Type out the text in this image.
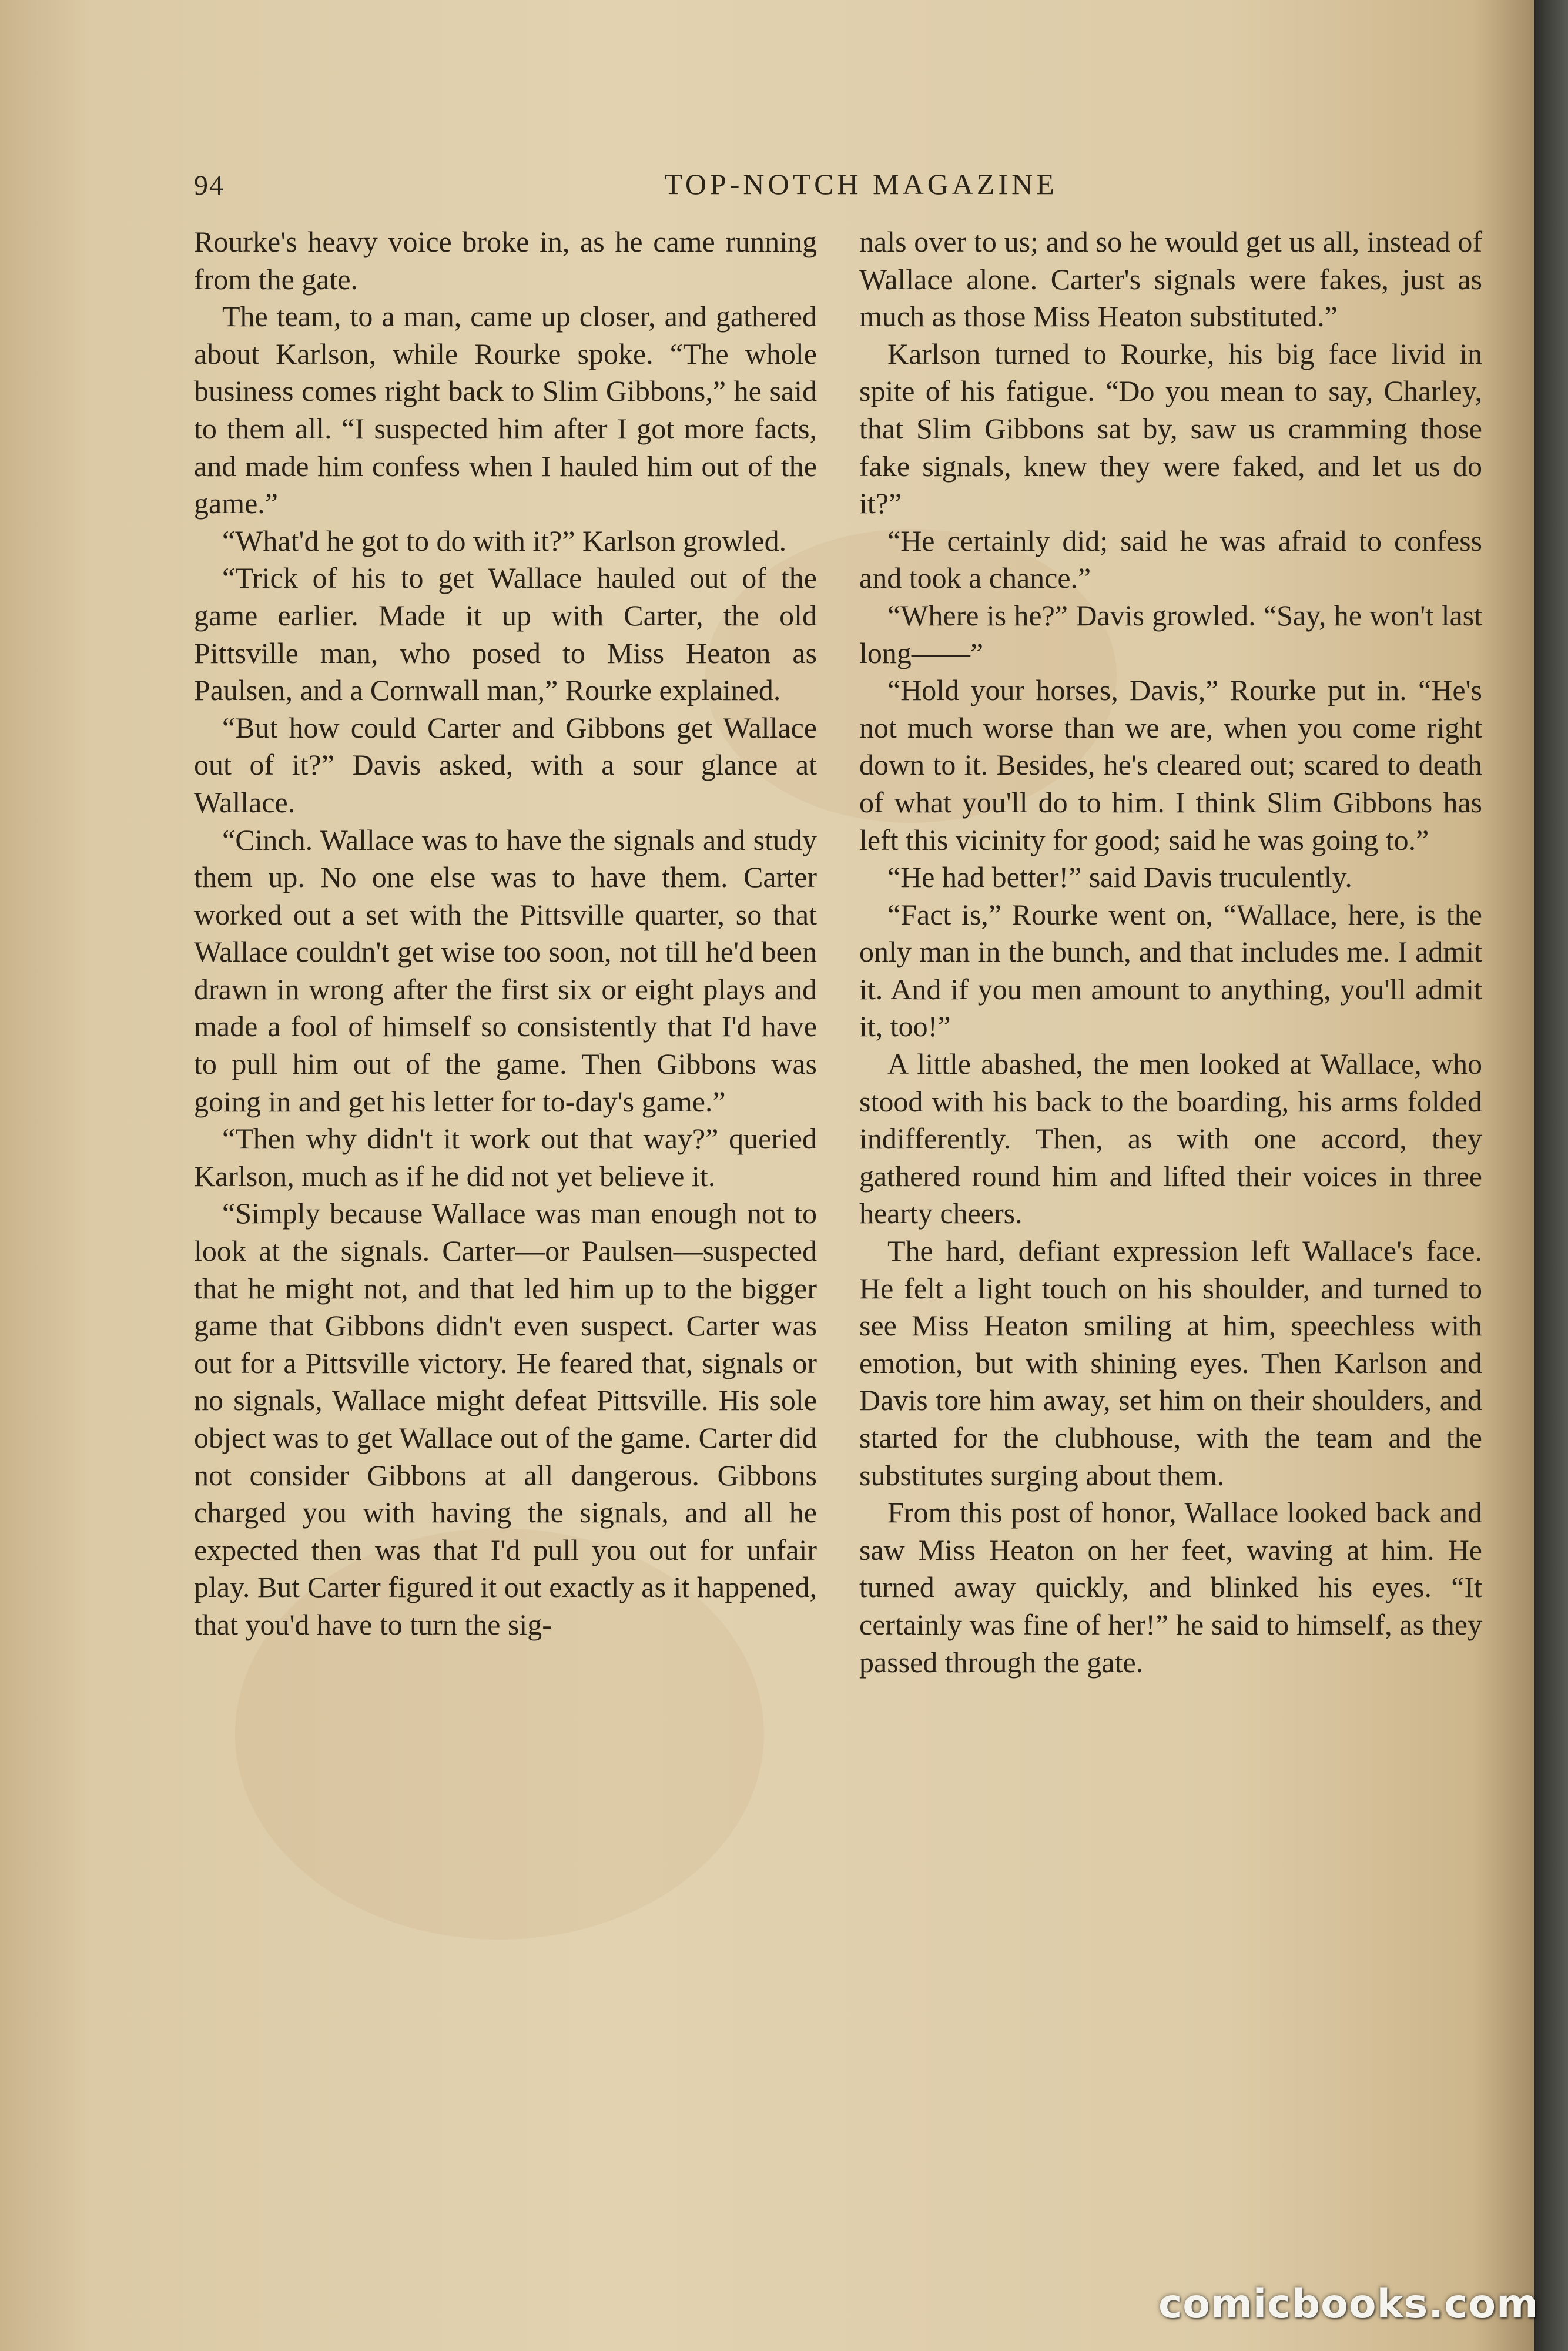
94	TOP-NOTCH MAGAZINE

Rourke's heavy voice broke in, as he came running from the gate.

The team, to a man, came up closer, and gathered about Karlson, while Rourke spoke. “The whole business comes right back to Slim Gibbons,” he said to them all. “I suspected him after I got more facts, and made him confess when I hauled him out of the game.”

“What'd he got to do with it?” Karlson growled.

“Trick of his to get Wallace hauled out of the game earlier. Made it up with Carter, the old Pittsville man, who posed to Miss Heaton as Paulsen, and a Cornwall man,” Rourke explained.

“But how could Carter and Gibbons get Wallace out of it?” Davis asked, with a sour glance at Wallace.

“Cinch. Wallace was to have the signals and study them up. No one else was to have them. Carter worked out a set with the Pittsville quarter, so that Wallace couldn't get wise too soon, not till he'd been drawn in wrong after the first six or eight plays and made a fool of himself so consistently that I'd have to pull him out of the game. Then Gibbons was going in and get his letter for to-day's game.”

“Then why didn't it work out that way?” queried Karlson, much as if he did not yet believe it.

“Simply because Wallace was man enough not to look at the signals. Carter—or Paulsen—suspected that he might not, and that led him up to the bigger game that Gibbons didn't even suspect. Carter was out for a Pittsville victory. He feared that, signals or no signals, Wallace might defeat Pittsville. His sole object was to get Wallace out of the game. Carter did not consider Gibbons at all dangerous. Gibbons charged you with having the signals, and all he expected then was that I'd pull you out for unfair play. But Carter figured it out exactly as it happened, that you'd have to turn the sig-

nals over to us; and so he would get us all, instead of Wallace alone. Carter's signals were fakes, just as much as those Miss Heaton substituted.”

Karlson turned to Rourke, his big face livid in spite of his fatigue. “Do you mean to say, Charley, that Slim Gibbons sat by, saw us cramming those fake signals, knew they were faked, and let us do it?”

“He certainly did; said he was afraid to confess and took a chance.”

“Where is he?” Davis growled. “Say, he won't last long——”

“Hold your horses, Davis,” Rourke put in. “He's not much worse than we are, when you come right down to it. Besides, he's cleared out; scared to death of what you'll do to him. I think Slim Gibbons has left this vicinity for good; said he was going to.”

“He had better!” said Davis truculently.

“Fact is,” Rourke went on, “Wallace, here, is the only man in the bunch, and that includes me. I admit it. And if you men amount to anything, you'll admit it, too!”

A little abashed, the men looked at Wallace, who stood with his back to the boarding, his arms folded indifferently. Then, as with one accord, they gathered round him and lifted their voices in three hearty cheers.

The hard, defiant expression left Wallace's face. He felt a light touch on his shoulder, and turned to see Miss Heaton smiling at him, speechless with emotion, but with shining eyes. Then Karlson and Davis tore him away, set him on their shoulders, and started for the clubhouse, with the team and the substitutes surging about them.

From this post of honor, Wallace looked back and saw Miss Heaton on her feet, waving at him. He turned away quickly, and blinked his eyes. “It certainly was fine of her!” he said to himself, as they passed through the gate.

comicbooks.com
